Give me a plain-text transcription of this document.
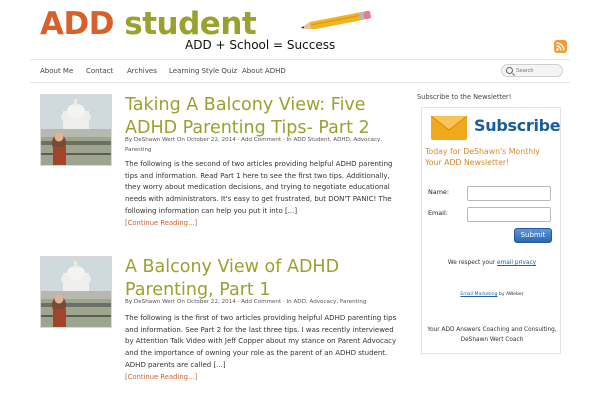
ADD student
ADD + School = Success
About Me Contact Archives Learning Style Quiz About ADHD
Search
Taking A Balcony View: Five ADHD Parenting Tips- Part 2
By DeShawn Wert On October 22, 2014 · Add Comment · In ADD Student, ADHD, Advocacy,
Parenting
The following is the second of two articles providing helpful ADHD parenting tips and information. Read Part 1 here to see the first two tips. Additionally, they worry about medication decisions, and trying to negotiate educational needs with administrators. It's easy to get frustrated, but DON'T PANIC! The following information can help you put it into [...]
[Continue Reading...]
A Balcony View of ADHD Parenting, Part 1
By DeShawn Wert On October 22, 2014 · Add Comment · In ADD, Advocacy, Parenting
The following is the first of two articles providing helpful ADHD parenting tips and information. See Part 2 for the last three tips. I was recently interviewed by Attention Talk Video with Jeff Copper about my stance on Parent Advocacy and the importance of owning your role as the parent of an ADHD student. ADHD parents are called [...]
[Continue Reading...]
Subscribe to the Newsletter!
Subscribe
Today for DeShawn's Monthly Your ADD Newsletter!
Name:
Email:
Submit
We respect your email privacy
Email Marketing by AWeber
Your ADD Answers Coaching and Consulting, DeShawn Wert Coach
